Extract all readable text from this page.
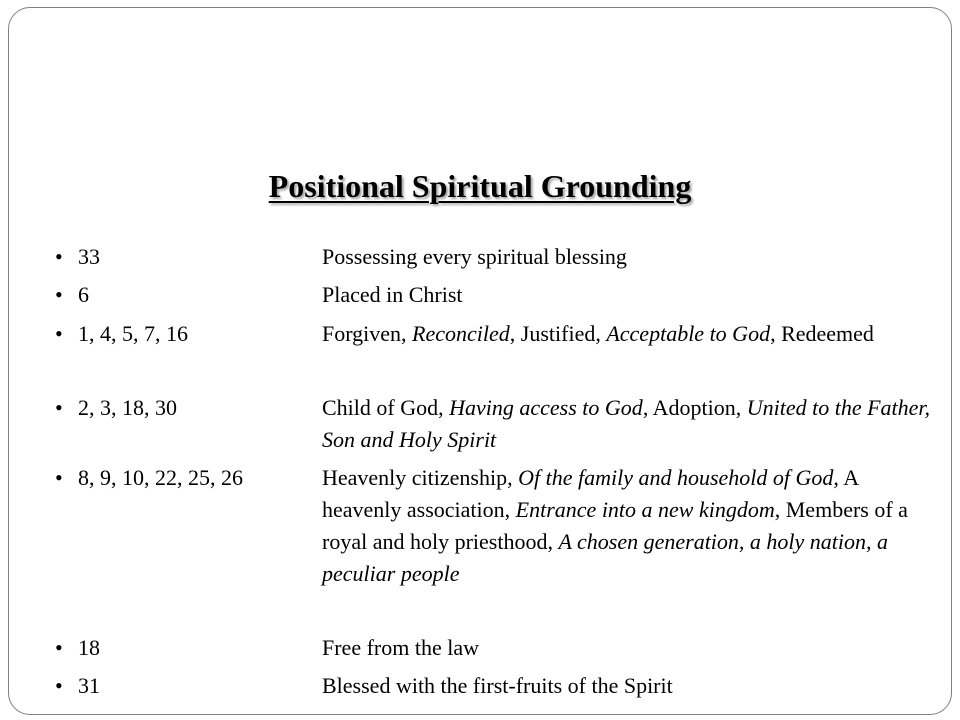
Positional Spiritual Grounding
• 33	Possessing every spiritual blessing
• 6	Placed in Christ
• 1, 4, 5, 7, 16	Forgiven, Reconciled, Justified, Acceptable to God, Redeemed
• 2, 3, 18, 30	Child of God, Having access to God, Adoption, United to the Father, Son and Holy Spirit
• 8, 9, 10, 22, 25, 26	Heavenly citizenship, Of the family and household of God, A heavenly association, Entrance into a new kingdom, Members of a royal and holy priesthood, A chosen generation, a holy nation, a peculiar people
• 18	Free from the law
• 31	Blessed with the first-fruits of the Spirit
